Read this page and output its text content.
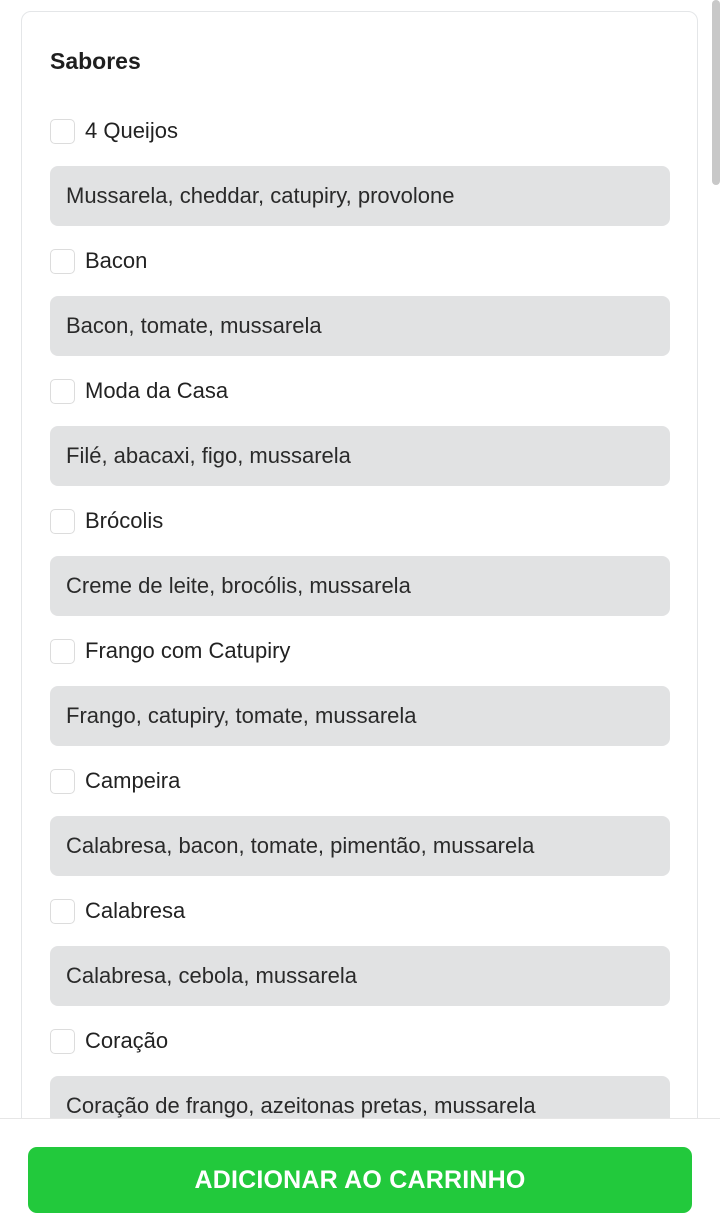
Sabores
4 Queijos
Mussarela, cheddar, catupiry, provolone
Bacon
Bacon, tomate, mussarela
Moda da Casa
Filé, abacaxi, figo, mussarela
Brócolis
Creme de leite, brocólis, mussarela
Frango com Catupiry
Frango, catupiry, tomate, mussarela
Campeira
Calabresa, bacon, tomate, pimentão, mussarela
Calabresa
Calabresa, cebola, mussarela
Coração
Coração de frango, azeitonas pretas, mussarela
ADICIONAR AO CARRINHO
